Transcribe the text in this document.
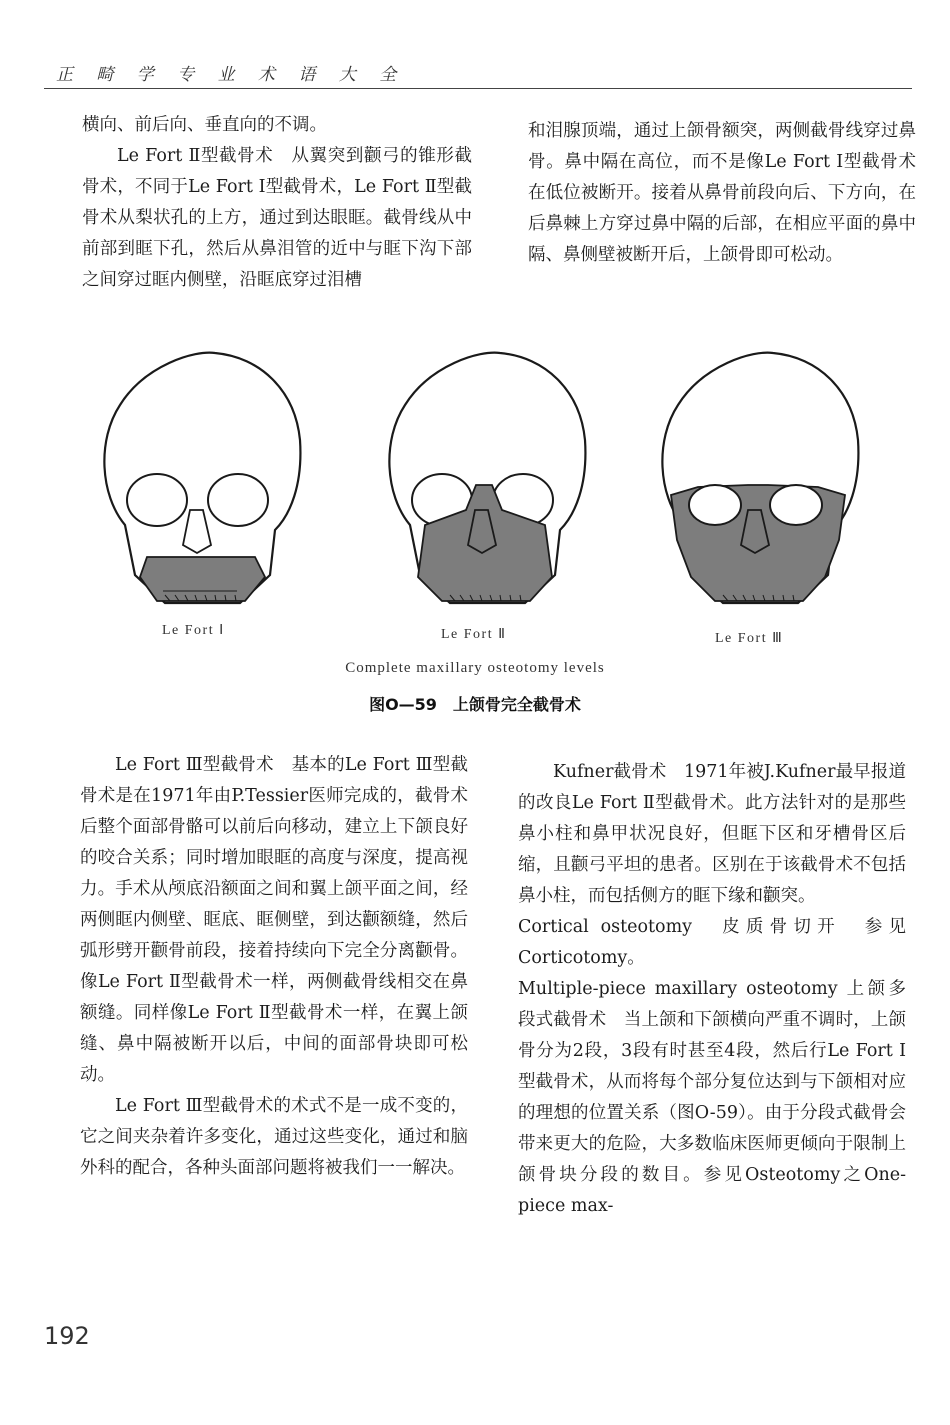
正 畸 学 专 业 术 语 大 全

横向、前后向、垂直向的不调。

Le Fort Ⅱ型截骨术　从翼突到颧弓的锥形截骨术，不同于Le Fort Ⅰ型截骨术，Le Fort Ⅱ型截骨术从梨状孔的上方，通过到达眼眶。截骨线从中前部到眶下孔，然后从鼻泪管的近中与眶下沟下部之间穿过眶内侧壁，沿眶底穿过泪槽

和泪腺顶端，通过上颌骨额突，两侧截骨线穿过鼻骨。鼻中隔在高位，而不是像Le Fort Ⅰ型截骨术在低位被断开。接着从鼻骨前段向后、下方向，在后鼻棘上方穿过鼻中隔的后部，在相应平面的鼻中隔、鼻侧壁被断开后，上颌骨即可松动。

Le Fort Ⅰ	Le Fort Ⅱ	Le Fort Ⅲ
Complete maxillary osteotomy levels
图O—59　上颌骨完全截骨术

Le Fort Ⅲ型截骨术　基本的Le Fort Ⅲ型截骨术是在1971年由P.Tessier医师完成的，截骨术后整个面部骨骼可以前后向移动，建立上下颌良好的咬合关系；同时增加眼眶的高度与深度，提高视力。手术从颅底沿额面之间和翼上颌平面之间，经两侧眶内侧壁、眶底、眶侧壁，到达颧额缝，然后弧形劈开颧骨前段，接着持续向下完全分离颧骨。像Le Fort Ⅱ型截骨术一样，两侧截骨线相交在鼻额缝。同样像Le Fort Ⅱ型截骨术一样，在翼上颌缝、鼻中隔被断开以后，中间的面部骨块即可松动。

Le Fort Ⅲ型截骨术的术式不是一成不变的，它之间夹杂着许多变化，通过这些变化，通过和脑外科的配合，各种头面部问题将被我们一一解决。

Kufner截骨术　1971年被J.Kufner最早报道的改良Le Fort Ⅱ型截骨术。此方法针对的是那些鼻小柱和鼻甲状况良好，但眶下区和牙槽骨区后缩，且颧弓平坦的患者。区别在于该截骨术不包括鼻小柱，而包括侧方的眶下缘和颧突。

Cortical osteotomy　皮质骨切开　参见Corticotomy。

Multiple-piece maxillary osteotomy 上颌多段式截骨术　当上颌和下颌横向严重不调时，上颌骨分为2段，3段有时甚至4段，然后行Le Fort Ⅰ型截骨术，从而将每个部分复位达到与下颌相对应的理想的位置关系（图O-59）。由于分段式截骨会带来更大的危险，大多数临床医师更倾向于限制上颌骨块分段的数目。参见Osteotomy之One-piece max-

192
